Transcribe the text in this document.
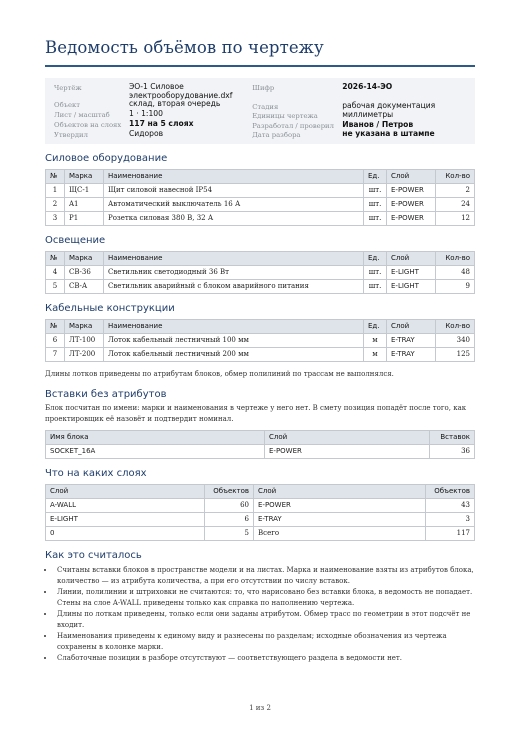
Ведомость объёмов по чертежу
Чертёж	ЭО-1 Силовое электрооборудование.dxf
Объект	склад, вторая очередь
Лист / масштаб	1 · 1:100
Объектов на слоях	117 на 5 слоях
Утвердил	Сидоров
Шифр	2026-14-ЭО
Стадия	рабочая документация
Единицы чертежа	миллиметры
Разработал / проверил	Иванов / Петров
Дата разбора	не указана в штампе
Силовое оборудование
№	Марка	Наименование	Ед.	Слой	Кол-во
1	ЩС-1	Щит силовой навесной IP54	шт.	E-POWER	2
2	A1	Автоматический выключатель 16 А	шт.	E-POWER	24
3	P1	Розетка силовая 380 В, 32 А	шт.	E-POWER	12
Освещение
№	Марка	Наименование	Ед.	Слой	Кол-во
4	СВ-36	Светильник светодиодный 36 Вт	шт.	E-LIGHT	48
5	СВ-А	Светильник аварийный с блоком аварийного питания	шт.	E-LIGHT	9
Кабельные конструкции
№	Марка	Наименование	Ед.	Слой	Кол-во
6	ЛТ-100	Лоток кабельный лестничный 100 мм	м	E-TRAY	340
7	ЛТ-200	Лоток кабельный лестничный 200 мм	м	E-TRAY	125

Длины лотков приведены по атрибутам блоков, обмер полилиний по трассам не выполнялся.

Вставки без атрибутов

Блок посчитан по имени: марки и наименования в чертеже у него нет. В смету позиция попадёт после того, как проектировщик её назовёт и подтвердит номинал.

Имя блока	Слой	Вставок
SOCKET_16A	E-POWER	36
Что на каких слоях
Слой	Объектов	Слой	Объектов
A-WALL	60	E-POWER	43
E-LIGHT	6	E-TRAY	3
0	5	Всего	117
Как это считалось
• Считаны вставки блоков в пространстве модели и на листах. Марка и наименование взяты из атрибутов блока, количество — из атрибута количества, а при его отсутствии по числу вставок.
• Линии, полилинии и штриховки не считаются: то, что нарисовано без вставки блока, в ведомость не попадает. Стены на слое A-WALL приведены только как справка по наполнению чертежа.
• Длины по лоткам приведены, только если они заданы атрибутом. Обмер трасс по геометрии в этот подсчёт не входит.
• Наименования приведены к единому виду и разнесены по разделам; исходные обозначения из чертежа сохранены в колонке марки.
• Слаботочные позиции в разборе отсутствуют — соответствующего раздела в ведомости нет.
1 из 2
